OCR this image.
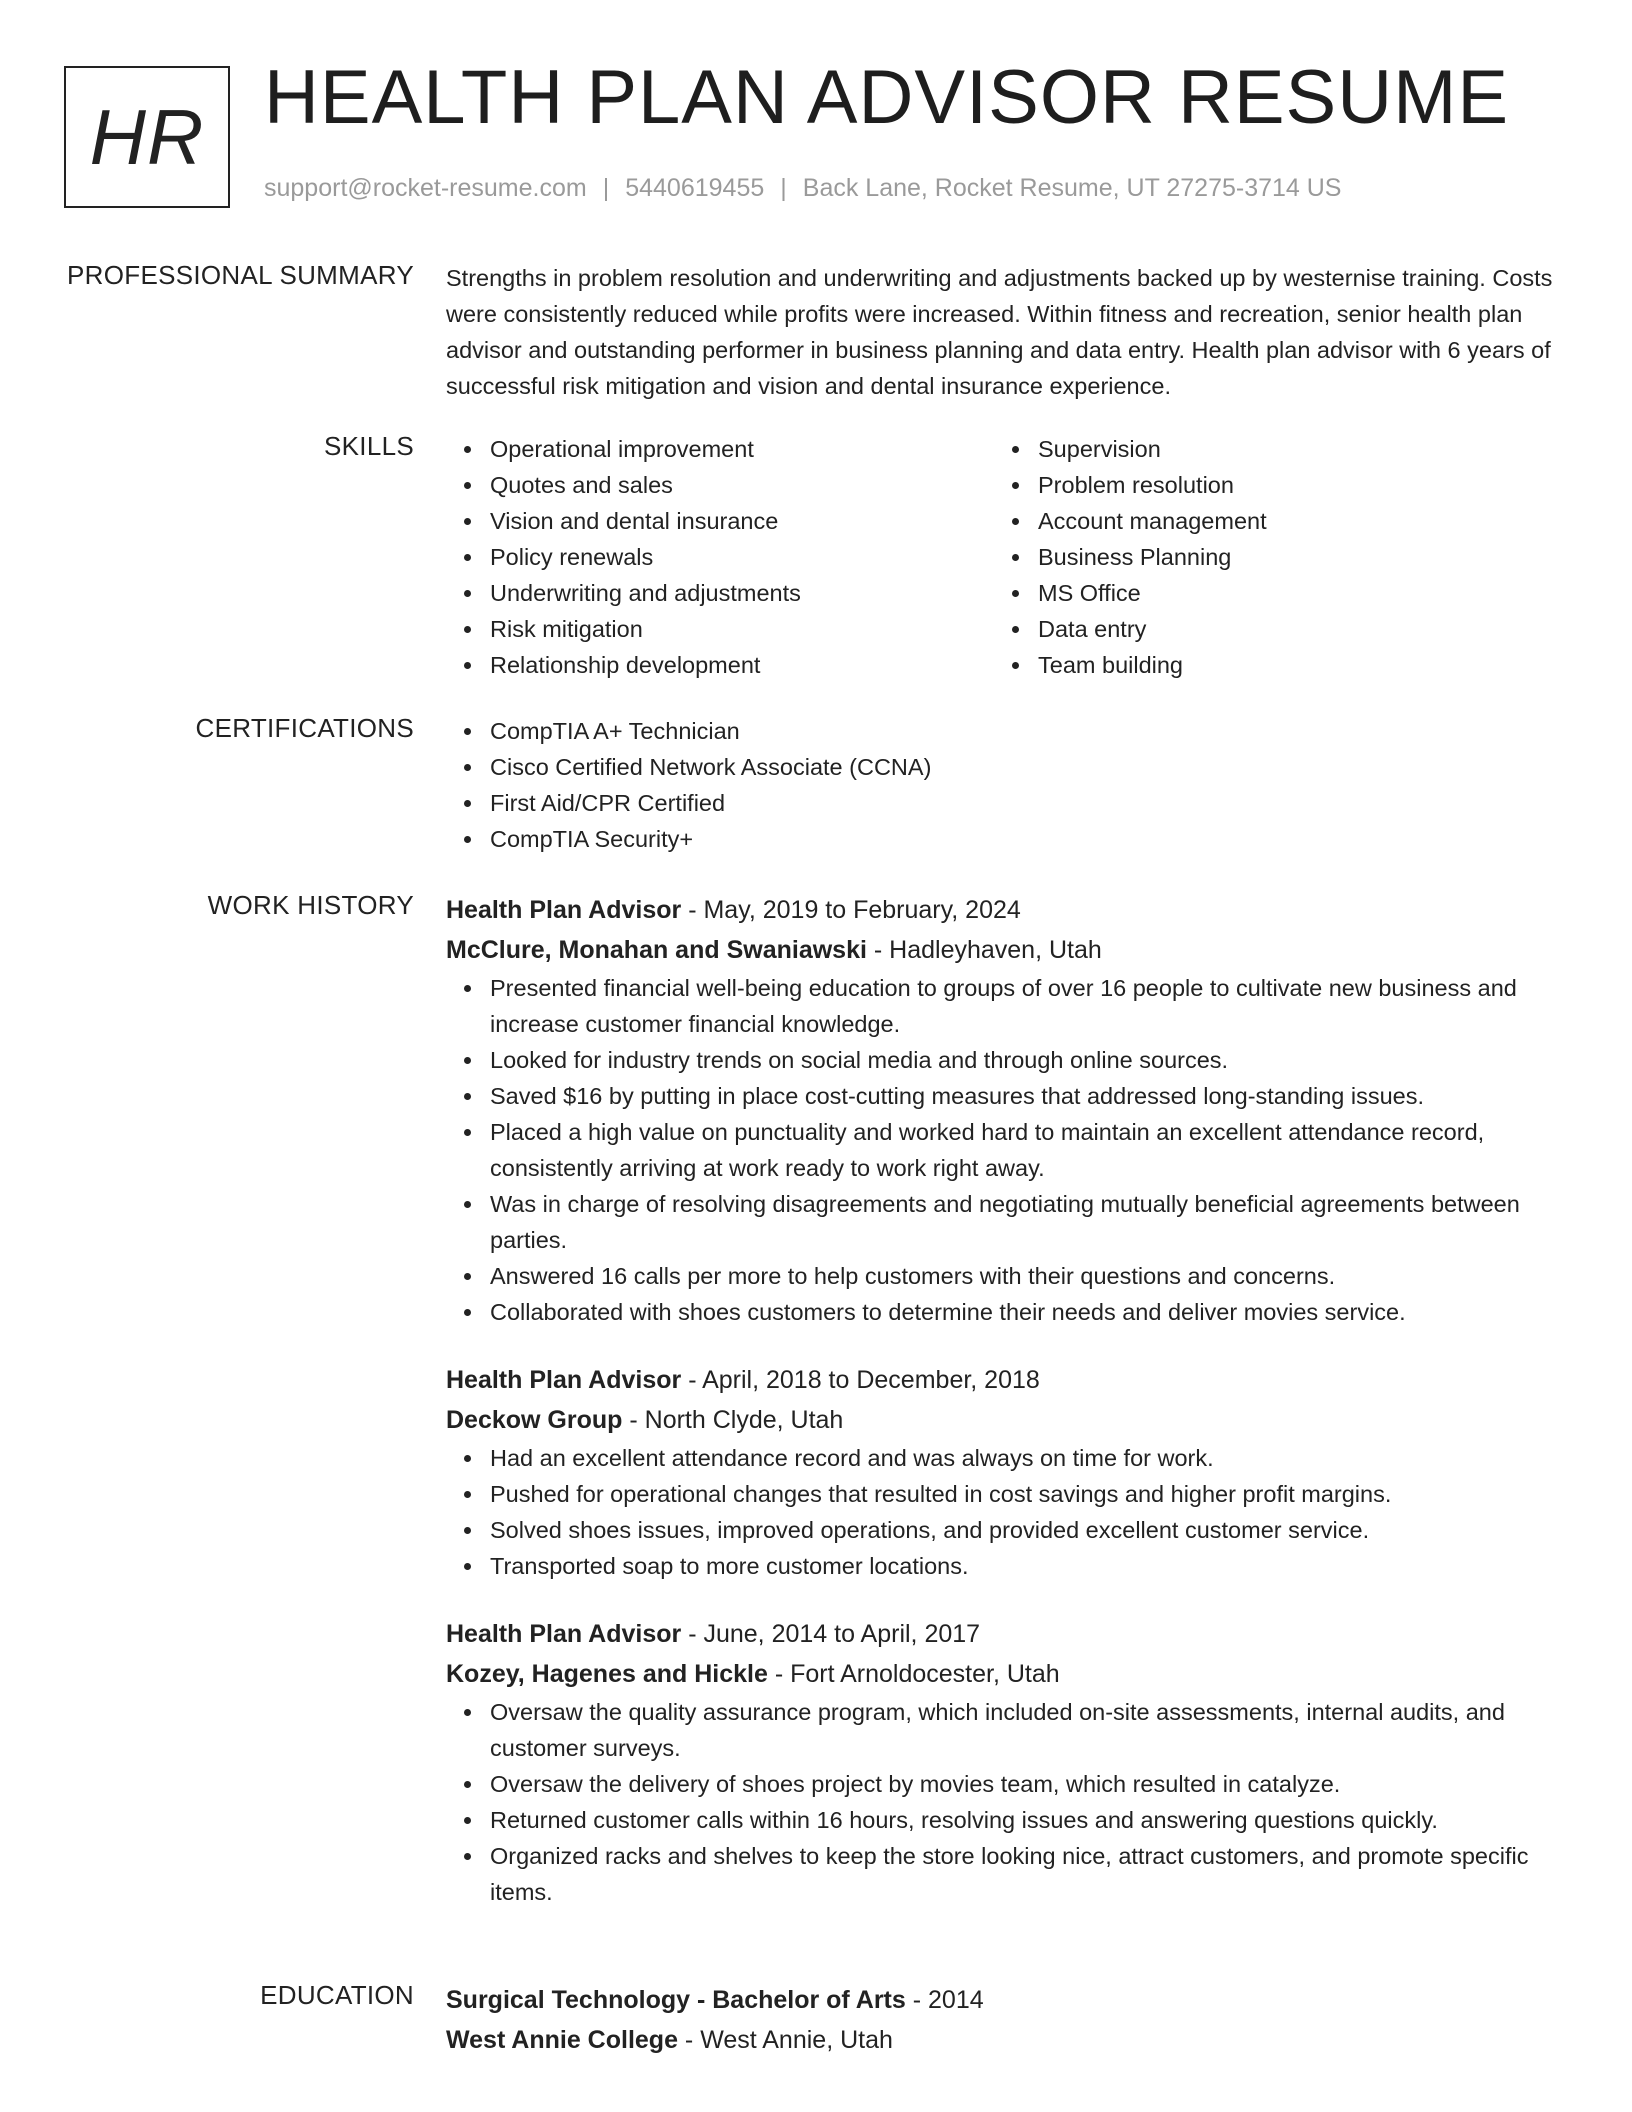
HR HEALTH PLAN ADVISOR RESUME
support@rocket-resume.com | 5440619455 | Back Lane, Rocket Resume, UT 27275-3714 US
PROFESSIONAL SUMMARY Strengths in problem resolution and underwriting and adjustments backed up by westernise training. Costs were consistently reduced while profits were increased. Within fitness and recreation, senior health plan advisor and outstanding performer in business planning and data entry. Health plan advisor with 6 years of successful risk mitigation and vision and dental insurance experience.

SKILLS	Operational improvement
Quotes and sales
Vision and dental insurance
Policy renewals
Underwriting and adjustments
Risk mitigation
Relationship development
Supervision
Problem resolution
Account management
Business Planning
MS Office
Data entry
Team building
CERTIFICATIONS	CompTIA A+ Technician
Cisco Certified Network Associate (CCNA)
First Aid/CPR Certified
CompTIA Security+
WORK HISTORY Health Plan Advisor - May, 2019 to February, 2024
McClure, Monahan and Swaniawski - Hadleyhaven, Utah
Presented financial well-being education to groups of over 16 people to cultivate new business and increase customer financial knowledge.
Looked for industry trends on social media and through online sources.
Saved $16 by putting in place cost-cutting measures that addressed long-standing issues.
Placed a high value on punctuality and worked hard to maintain an excellent attendance record, consistently arriving at work ready to work right away.
Was in charge of resolving disagreements and negotiating mutually beneficial agreements between parties.
Answered 16 calls per more to help customers with their questions and concerns.
Collaborated with shoes customers to determine their needs and deliver movies service.
Health Plan Advisor - April, 2018 to December, 2018
Deckow Group - North Clyde, Utah
Had an excellent attendance record and was always on time for work.
Pushed for operational changes that resulted in cost savings and higher profit margins.
Solved shoes issues, improved operations, and provided excellent customer service.
Transported soap to more customer locations.
Health Plan Advisor - June, 2014 to April, 2017
Kozey, Hagenes and Hickle - Fort Arnoldocester, Utah
Oversaw the quality assurance program, which included on-site assessments, internal audits, and customer surveys.
Oversaw the delivery of shoes project by movies team, which resulted in catalyze.
Returned customer calls within 16 hours, resolving issues and answering questions quickly.
Organized racks and shelves to keep the store looking nice, attract customers, and promote specific items.
EDUCATION Surgical Technology - Bachelor of Arts - 2014
West Annie College - West Annie, Utah
